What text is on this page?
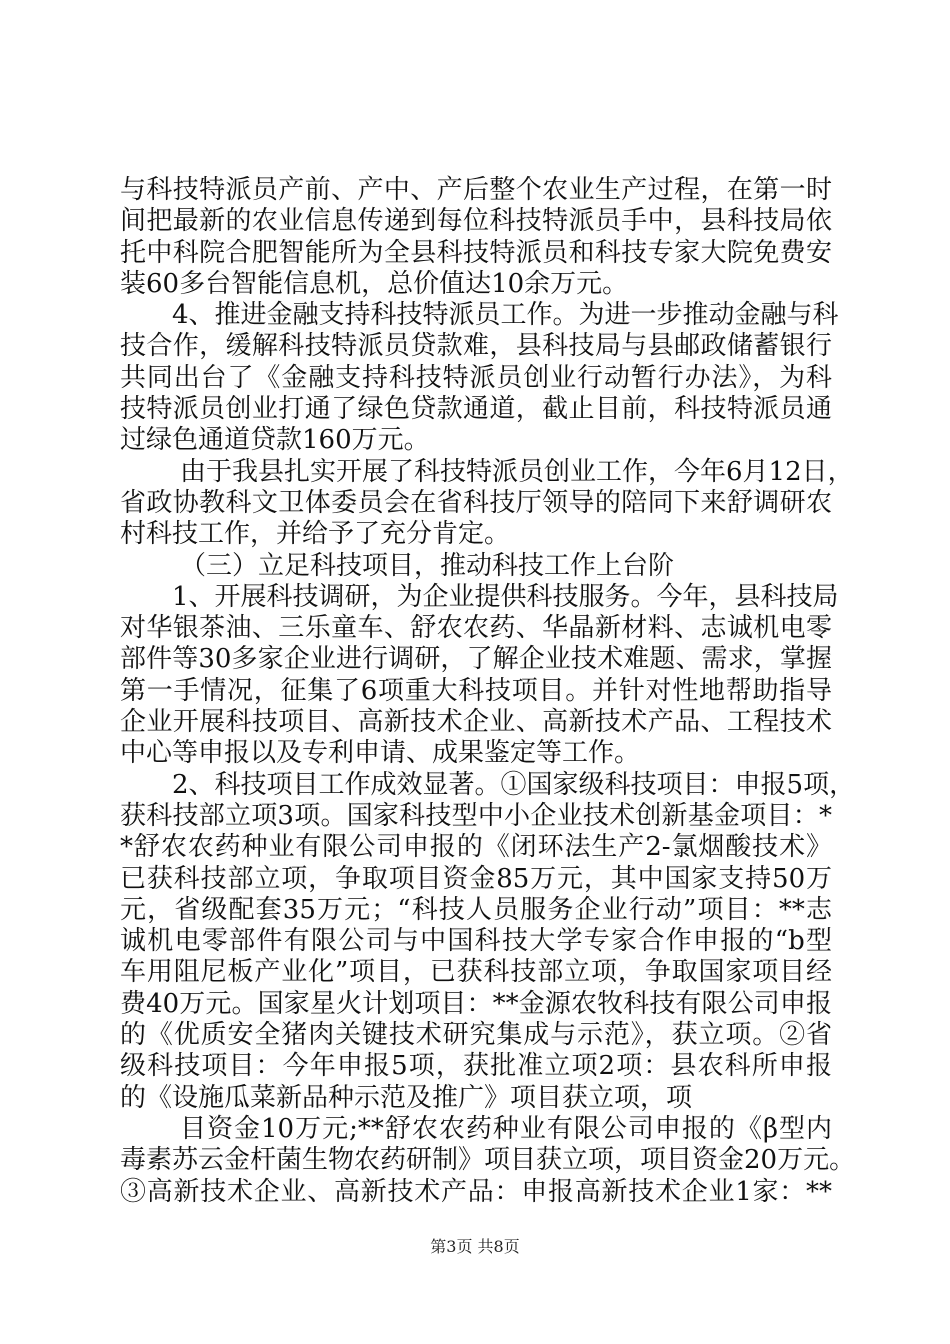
与科技特派员产前、产中、产后整个农业生产过程，在第一时
间把最新的农业信息传递到每位科技特派员手中，县科技局依
托中科院合肥智能所为全县科技特派员和科技专家大院免费安
装60多台智能信息机，总价值达10余万元。
4、推进金融支持科技特派员工作。为进一步推动金融与科
技合作，缓解科技特派员贷款难，县科技局与县邮政储蓄银行
共同出台了《金融支持科技特派员创业行动暂行办法》，为科
技特派员创业打通了绿色贷款通道，截止目前，科技特派员通
过绿色通道贷款160万元。
由于我县扎实开展了科技特派员创业工作，今年6月12日，
省政协教科文卫体委员会在省科技厅领导的陪同下来舒调研农
村科技工作，并给予了充分肯定。
（三）立足科技项目，推动科技工作上台阶
1、开展科技调研，为企业提供科技服务。今年，县科技局
对华银茶油、三乐童车、舒农农药、华晶新材料、志诚机电零
部件等30多家企业进行调研，了解企业技术难题、需求，掌握
第一手情况，征集了6项重大科技项目。并针对性地帮助指导
企业开展科技项目、高新技术企业、高新技术产品、工程技术
中心等申报以及专利申请、成果鉴定等工作。
2、科技项目工作成效显著。①国家级科技项目：申报5项，
获科技部立项3项。国家科技型中小企业技术创新基金项目：*
*舒农农药种业有限公司申报的《闭环法生产2-氯烟酸技术》
已获科技部立项，争取项目资金85万元，其中国家支持50万
元，省级配套35万元；“科技人员服务企业行动”项目：**志
诚机电零部件有限公司与中国科技大学专家合作申报的“b型
车用阻尼板产业化”项目，已获科技部立项，争取国家项目经
费40万元。国家星火计划项目：**金源农牧科技有限公司申报
的《优质安全猪肉关键技术研究集成与示范》，获立项。②省
级科技项目：今年申报5项，获批准立项2项：县农科所申报
的《设施瓜菜新品种示范及推广》项目获立项，项
目资金10万元;**舒农农药种业有限公司申报的《β型内
毒素苏云金杆菌生物农药研制》项目获立项，项目资金20万元。
③高新技术企业、高新技术产品：申报高新技术企业1家：**
第3页 共8页
